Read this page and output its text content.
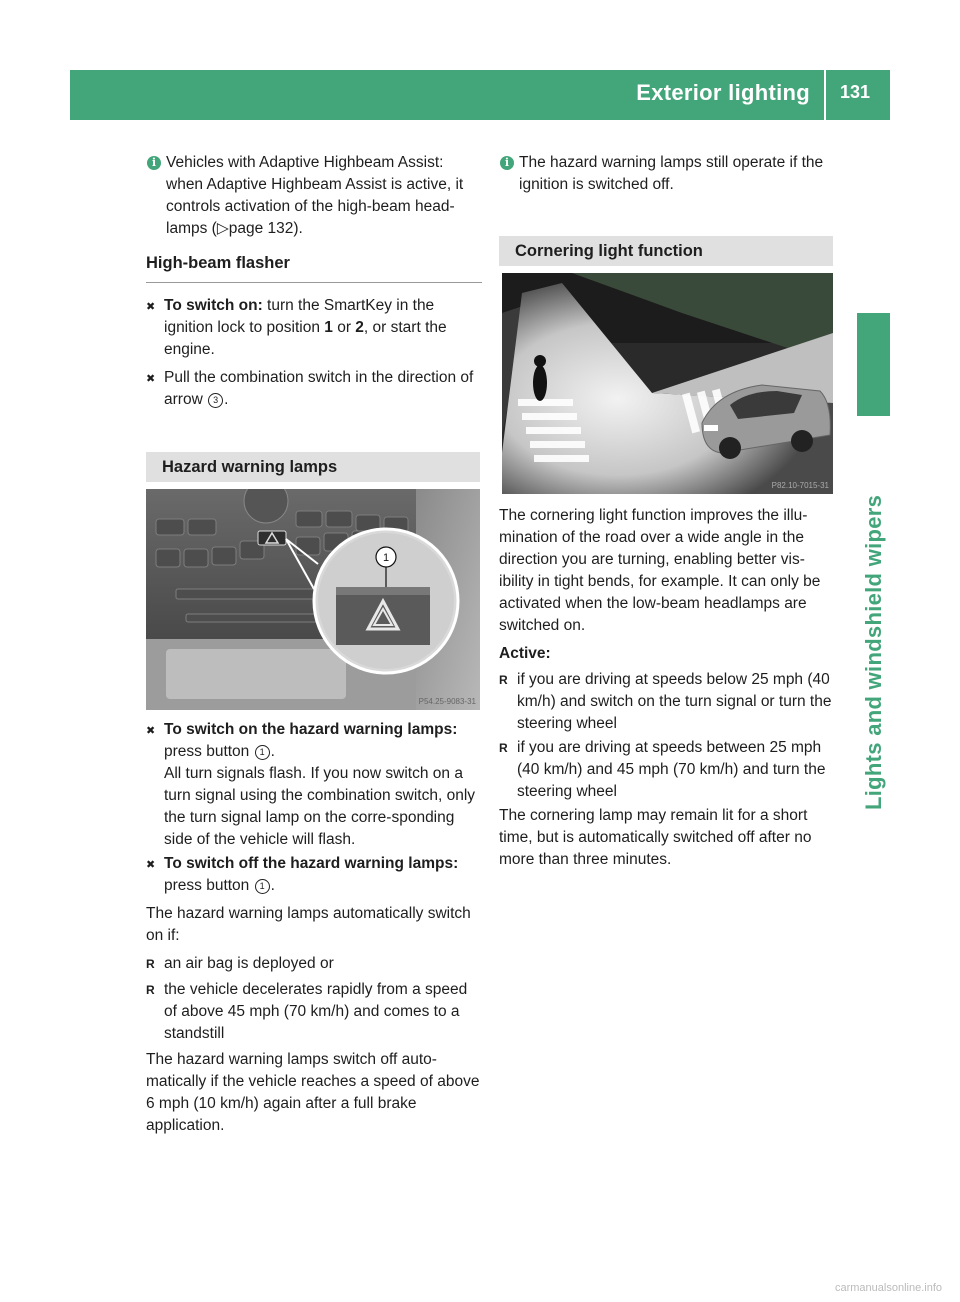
Exterior lighting 131
Lights and windshield wipers
i Vehicles with Adaptive Highbeam Assist: when Adaptive Highbeam Assist is active, it controls activation of the high-beam head-lamps (▷page 132).

High-beam flasher
✖ To switch on: turn the SmartKey in the ignition lock to position 1 or 2, or start the engine.

✖ Pull the combination switch in the direction of arrow 3 .

Hazard warning lamps
1
P54.25-9083-31
✖ To switch on the hazard warning lamps:

press button 1 .

All turn signals flash. If you now switch on a turn signal using the combination switch, only the turn signal lamp on the corre-sponding side of the vehicle will flash.

✖ To switch off the hazard warning lamps:

press button 1 .

The hazard warning lamps automatically switch on if:

R an air bag is deployed or

R the vehicle decelerates rapidly from a speed of above 45 mph (70 km/h) and comes to a standstill

The hazard warning lamps switch off auto-matically if the vehicle reaches a speed of above 6 mph (10 km/h) again after a full brake application.

i The hazard warning lamps still operate if the ignition is switched off.

Cornering light function
P82.10-7015-31

The cornering light function improves the illu-mination of the road over a wide angle in the direction you are turning, enabling better vis-ibility in tight bends, for example. It can only be activated when the low-beam headlamps are switched on.

Active:

R if you are driving at speeds below 25 mph (40 km/h) and switch on the turn signal or turn the steering wheel

R if you are driving at speeds between 25 mph (40 km/h) and 45 mph (70 km/h) and turn the steering wheel

The cornering lamp may remain lit for a short time, but is automatically switched off after no more than three minutes.

carmanualsonline.info
